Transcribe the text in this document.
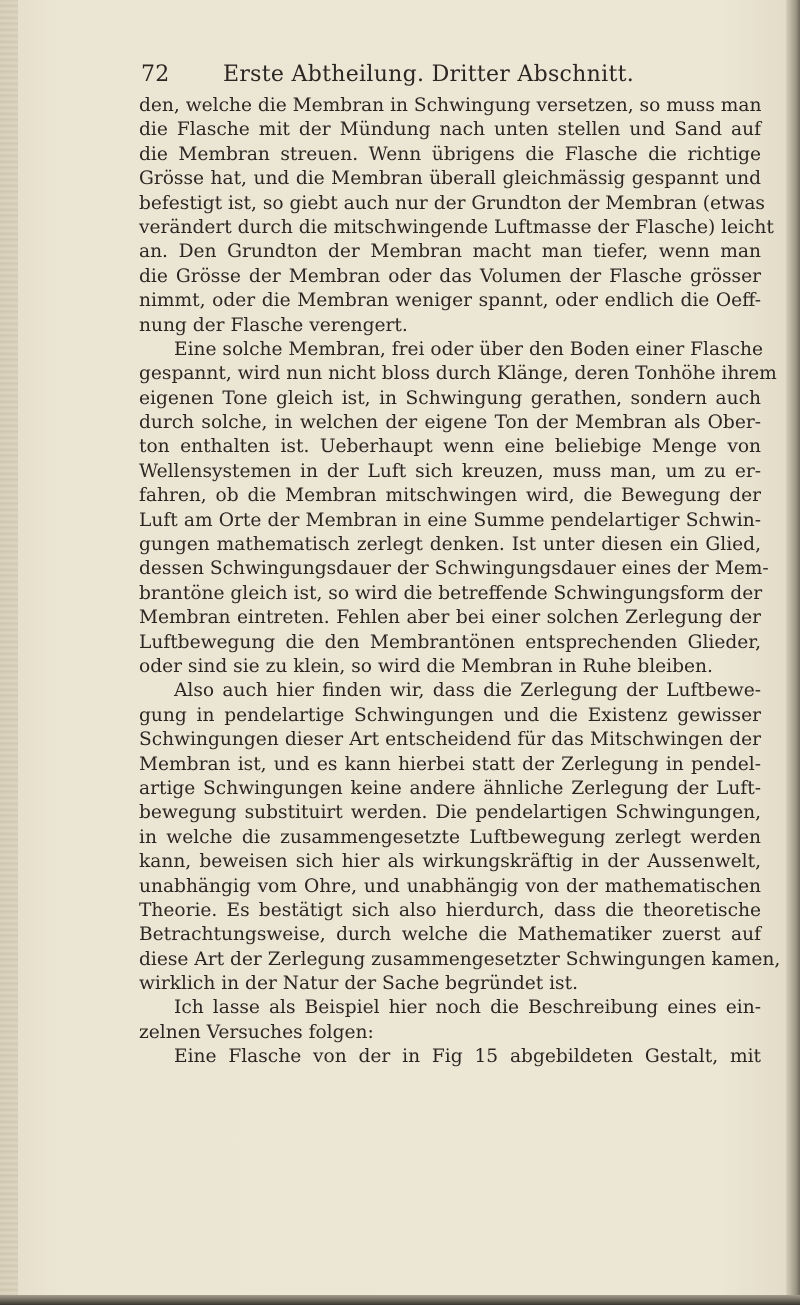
72 Erste Abtheilung. Dritter Abschnitt.
den, welche die Membran in Schwingung versetzen, so muss man
die Flasche mit der Mündung nach unten stellen und Sand auf
die Membran streuen. Wenn übrigens die Flasche die richtige
Grösse hat, und die Membran überall gleichmässig gespannt und
befestigt ist, so giebt auch nur der Grundton der Membran (etwas
verändert durch die mitschwingende Luftmasse der Flasche) leicht
an. Den Grundton der Membran macht man tiefer, wenn man
die Grösse der Membran oder das Volumen der Flasche grösser
nimmt, oder die Membran weniger spannt, oder endlich die Oeff-
nung der Flasche verengert.
Eine solche Membran, frei oder über den Boden einer Flasche
gespannt, wird nun nicht bloss durch Klänge, deren Tonhöhe ihrem
eigenen Tone gleich ist, in Schwingung gerathen, sondern auch
durch solche, in welchen der eigene Ton der Membran als Ober-
ton enthalten ist. Ueberhaupt wenn eine beliebige Menge von
Wellensystemen in der Luft sich kreuzen, muss man, um zu er-
fahren, ob die Membran mitschwingen wird, die Bewegung der
Luft am Orte der Membran in eine Summe pendelartiger Schwin-
gungen mathematisch zerlegt denken. Ist unter diesen ein Glied,
dessen Schwingungsdauer der Schwingungsdauer eines der Mem-
brantöne gleich ist, so wird die betreffende Schwingungsform der
Membran eintreten. Fehlen aber bei einer solchen Zerlegung der
Luftbewegung die den Membrantönen entsprechenden Glieder,
oder sind sie zu klein, so wird die Membran in Ruhe bleiben.
Also auch hier finden wir, dass die Zerlegung der Luftbewe-
gung in pendelartige Schwingungen und die Existenz gewisser
Schwingungen dieser Art entscheidend für das Mitschwingen der
Membran ist, und es kann hierbei statt der Zerlegung in pendel-
artige Schwingungen keine andere ähnliche Zerlegung der Luft-
bewegung substituirt werden. Die pendelartigen Schwingungen,
in welche die zusammengesetzte Luftbewegung zerlegt werden
kann, beweisen sich hier als wirkungskräftig in der Aussenwelt,
unabhängig vom Ohre, und unabhängig von der mathematischen
Theorie. Es bestätigt sich also hierdurch, dass die theoretische
Betrachtungsweise, durch welche die Mathematiker zuerst auf
diese Art der Zerlegung zusammengesetzter Schwingungen kamen,
wirklich in der Natur der Sache begründet ist.
Ich lasse als Beispiel hier noch die Beschreibung eines ein-
zelnen Versuches folgen:
Eine Flasche von der in Fig 15 abgebildeten Gestalt, mit
